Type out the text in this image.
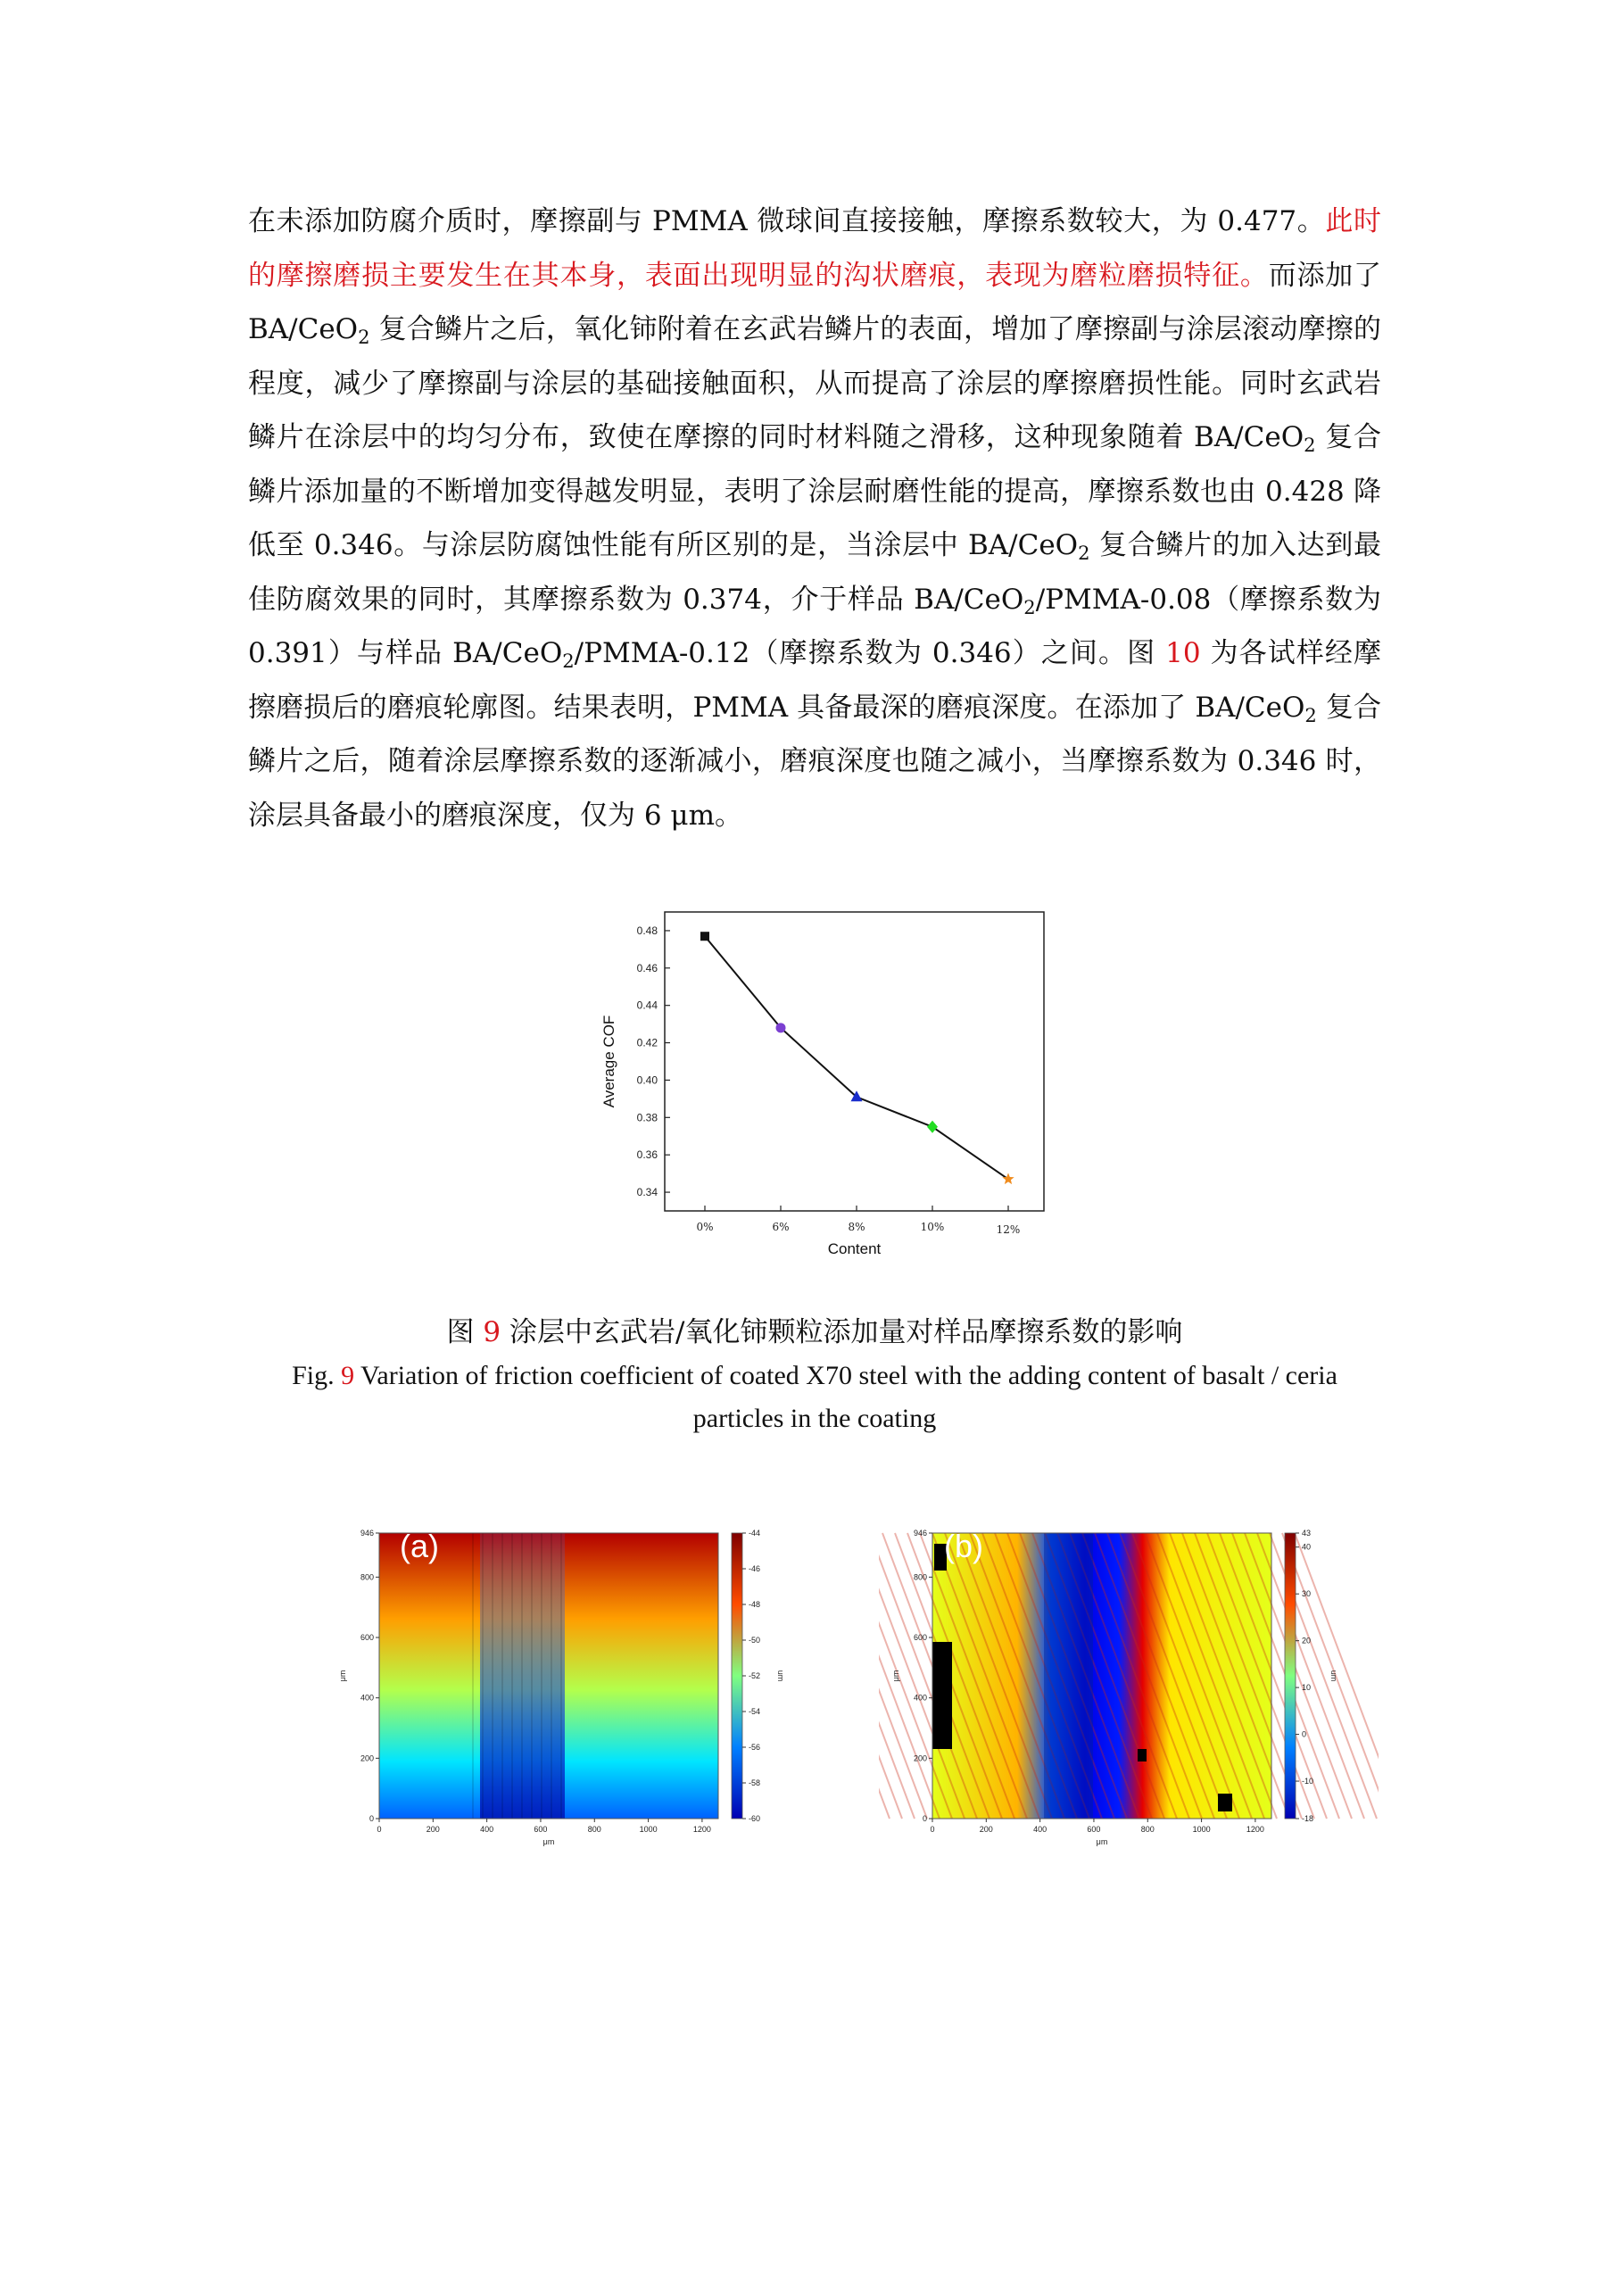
在未添加防腐介质时，摩擦副与 PMMA 微球间直接接触，摩擦系数较大，为 0.477。此时的摩擦磨损主要发生在其本身，表面出现明显的沟状磨痕，表现为磨粒磨损特征。而添加了 BA/CeO$_2$ 复合鳞片之后，氧化铈附着在玄武岩鳞片的表面，增加了摩擦副与涂层滚动摩擦的程度，减少了摩擦副与涂层的基础接触面积，从而提高了涂层的摩擦磨损性能。同时玄武岩鳞片在涂层中的均匀分布，致使在摩擦的同时材料随之滑移，这种现象随着 BA/CeO$_2$ 复合鳞片添加量的不断增加变得越发明显，表明了涂层耐磨性能的提高，摩擦系数也由 0.428 降低至 0.346。与涂层防腐蚀性能有所区别的是，当涂层中 BA/CeO$_2$ 复合鳞片的加入达到最佳防腐效果的同时，其摩擦系数为 0.374，介于样品 BA/CeO$_2$/PMMA-0.08（摩擦系数为 0.391）与样品 BA/CeO$_2$/PMMA-0.12（摩擦系数为 0.346）之间。图 10 为各试样经摩擦磨损后的磨痕轮廓图。结果表明，PMMA 具备最深的磨痕深度。在添加了 BA/CeO$_2$ 复合鳞片之后，随着涂层摩擦系数的逐渐减小，磨痕深度也随之减小，当摩擦系数为 0.346 时，涂层具备最小的磨痕深度，仅为 6 μm。
0.34
0.36
0.38
0.40
0.42
0.44
0.46
0.48
0%	6%	8%	10%	12%
Content
Average COF
图 9 涂层中玄武岩/氧化铈颗粒添加量对样品摩擦系数的影响
Fig. 9 Variation of friction coefficient of coated X70 steel with the adding content of basalt / ceria particles in the coating
946
800
600
400
200
0
0	200	400	600	800	1000	1200
μm
μm
-44
-46
-48
-50
-52
-54
-56
-58
-60
um
(a)	946
800
600
400
200
0
0	200	400	600	800	1000	1200
μm
μm
43
40
30
20
10
0
-10
-18
um
(b)
